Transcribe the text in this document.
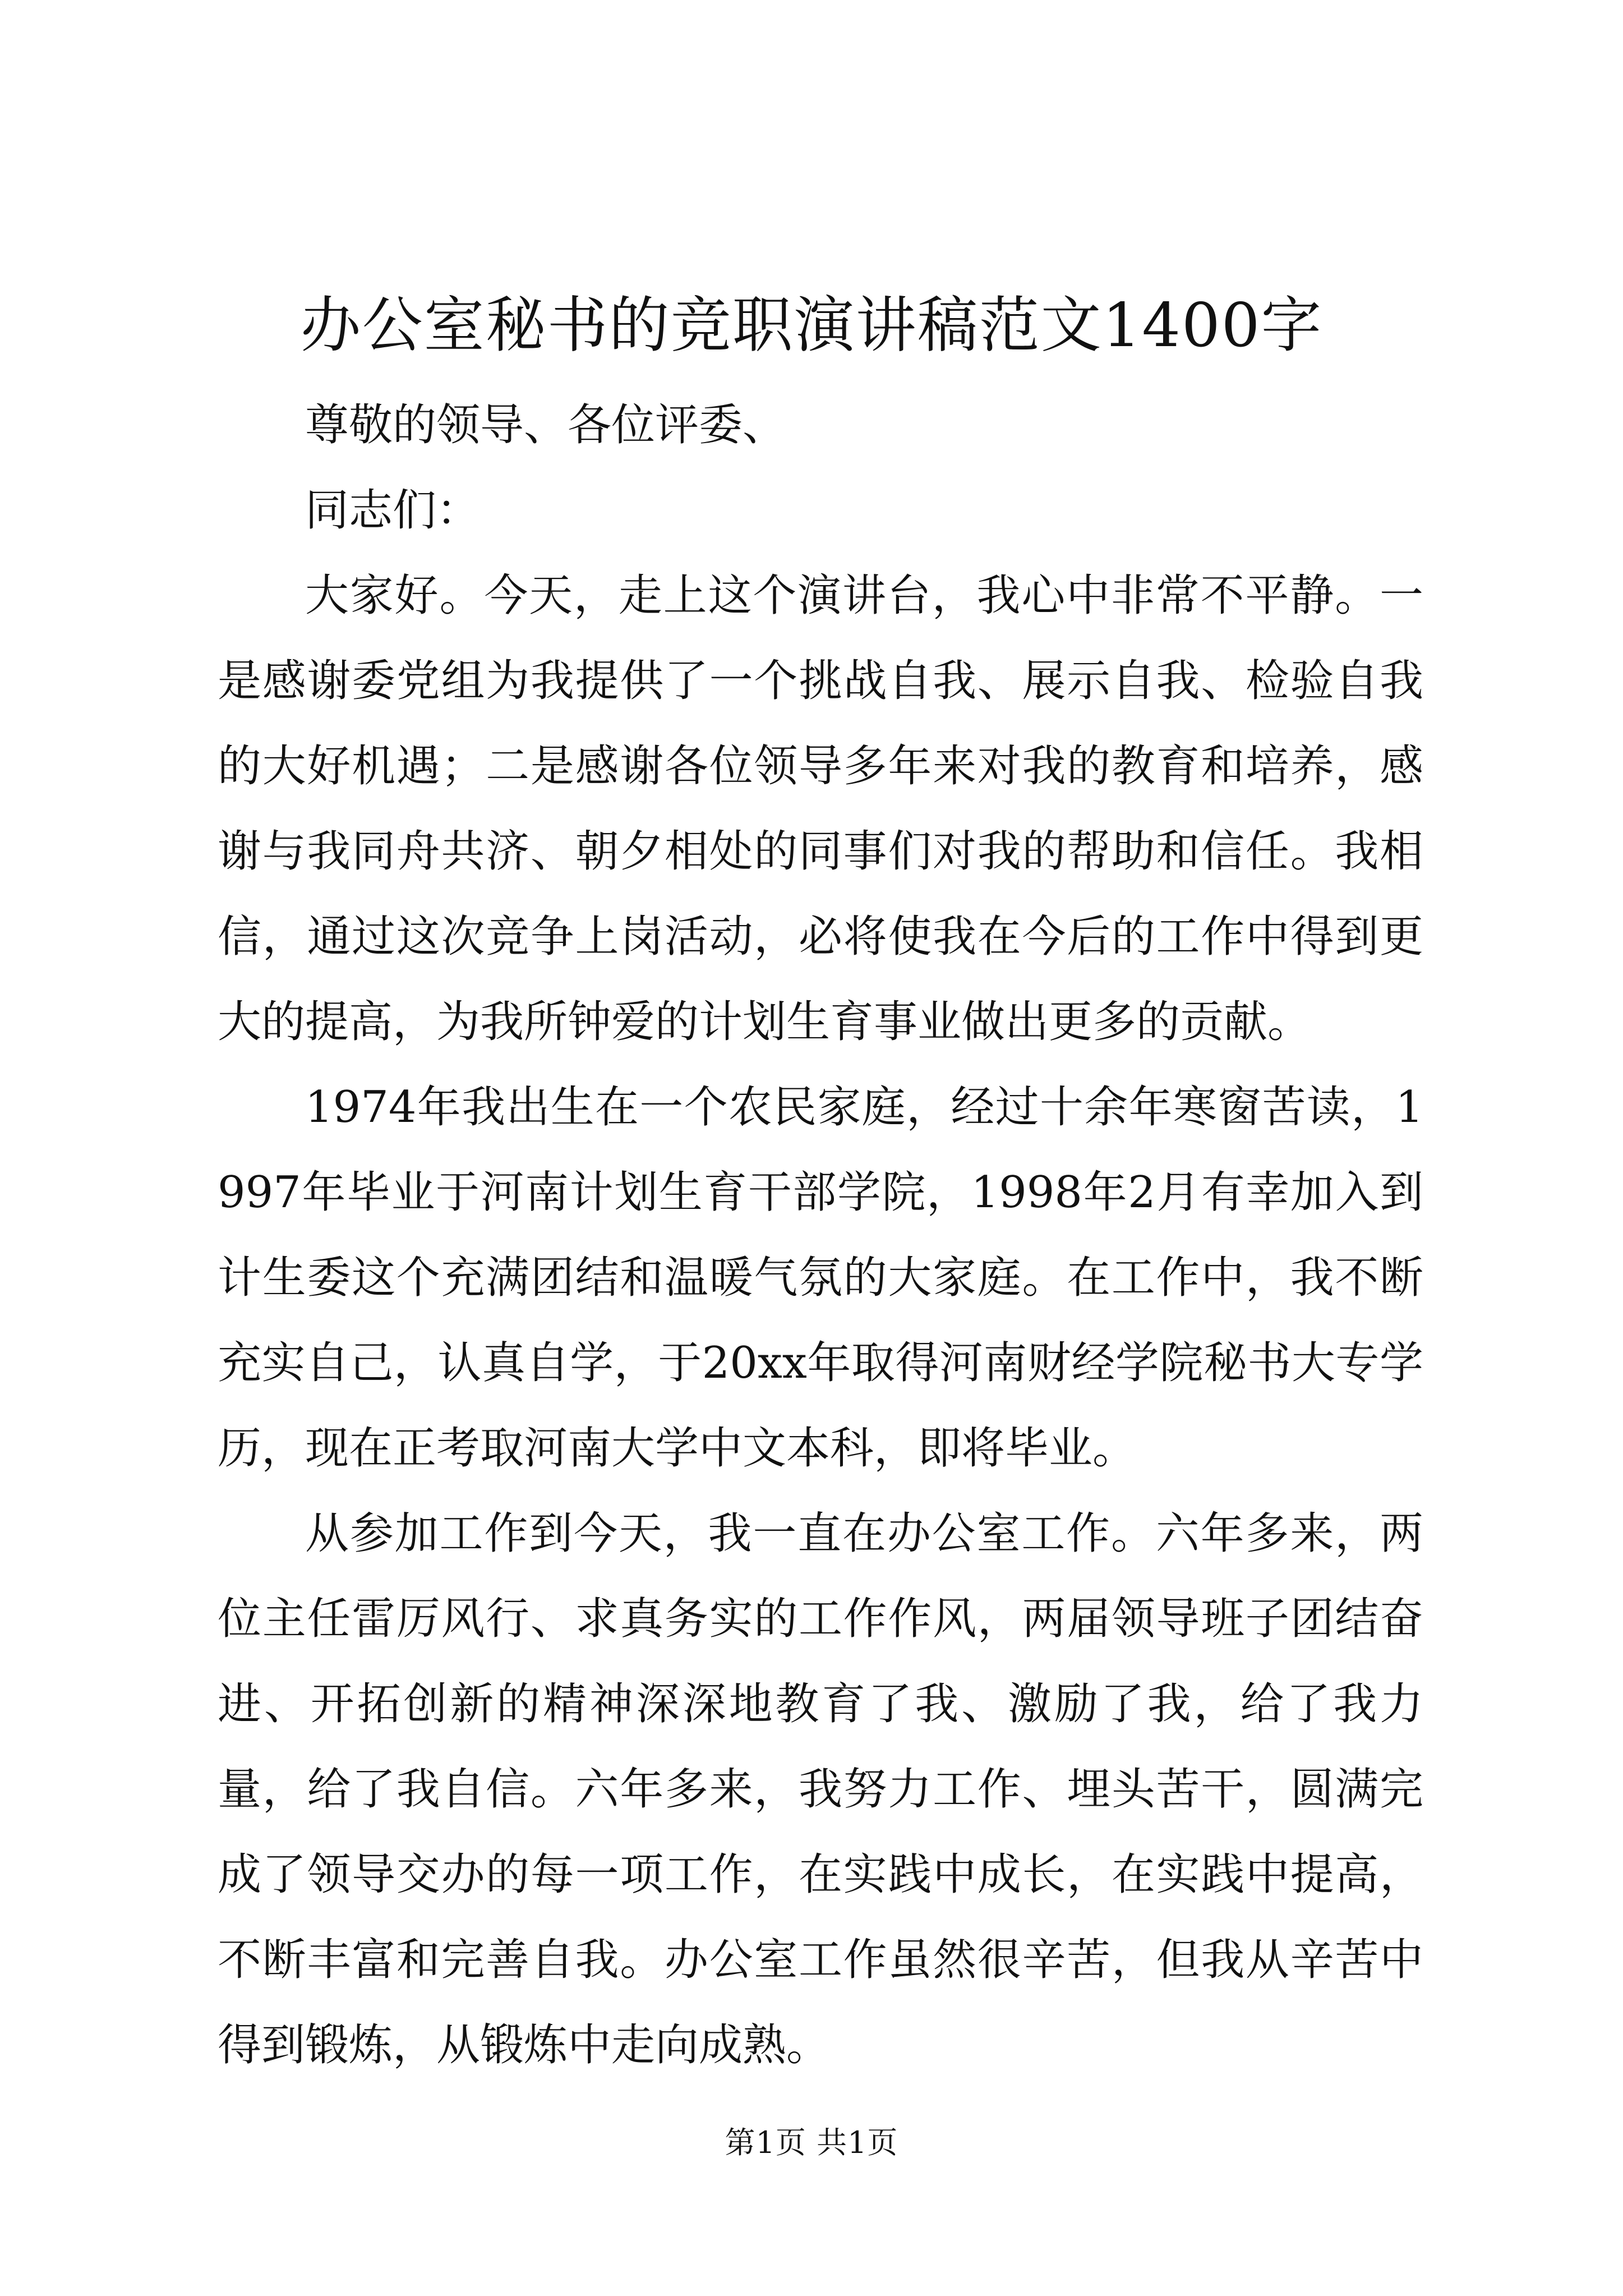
办公室秘书的竞职演讲稿范文1400字

尊敬的领导、各位评委、

同志们：

大家好。今天，走上这个演讲台，我心中非常不平静。一是感谢委党组为我提供了一个挑战自我、展示自我、检验自我的大好机遇；二是感谢各位领导多年来对我的教育和培养，感谢与我同舟共济、朝夕相处的同事们对我的帮助和信任。我相信，通过这次竞争上岗活动，必将使我在今后的工作中得到更大的提高，为我所钟爱的计划生育事业做出更多的贡献。

1974年我出生在一个农民家庭，经过十余年寒窗苦读，1997年毕业于河南计划生育干部学院，1998年2月有幸加入到计生委这个充满团结和温暖气氛的大家庭。在工作中，我不断充实自己，认真自学，于20xx年取得河南财经学院秘书大专学历，现在正考取河南大学中文本科，即将毕业。

从参加工作到今天，我一直在办公室工作。六年多来，两位主任雷厉风行、求真务实的工作作风，两届领导班子团结奋进、开拓创新的精神深深地教育了我、激励了我，给了我力量，给了我自信。六年多来，我努力工作、埋头苦干，圆满完成了领导交办的每一项工作，在实践中成长，在实践中提高，不断丰富和完善自我。办公室工作虽然很辛苦，但我从辛苦中得到锻炼，从锻炼中走向成熟。

第1页 共1页
